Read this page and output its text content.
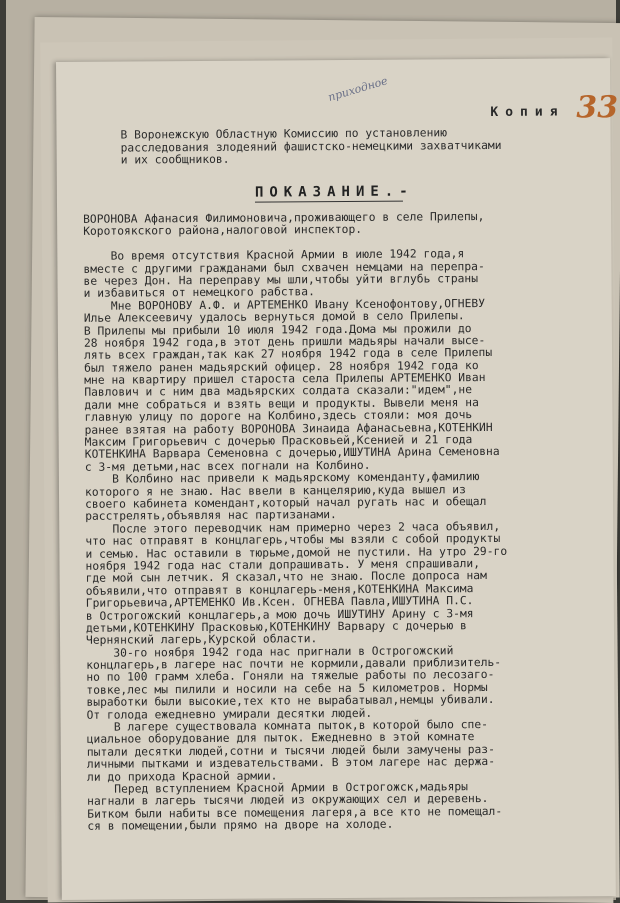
приходное
Копия 33
В Воронежскую Областную Комиссию по установлению
расследования злодеяний фашистско-немецкими захватчиками
и их сообщников.
ПОКАЗАНИЕ.-
ВОРОНОВА Афанасия Филимоновича,проживающего в селе Прилепы,
Коротоякского района,налоговой инспектор.
Во время отсутствия Красной Армии в июле 1942 года,я
вместе с другими гражданами был схвачен немцами на перепра-
ве через Дон. На переправу мы шли,чтобы уйти вглубь страны
и избавиться от немецкого рабства.
Мне ВОРОНОВУ А.Ф. и АРТЕМЕНКО Ивану Ксенофонтову,ОГНЕВУ
Илье Алексеевичу удалось вернуться домой в село Прилепы.
В Прилепы мы прибыли 10 июля 1942 года.Дома мы прожили до
28 ноября 1942 года,в этот день пришли мадьяры начали высе-
лять всех граждан,так как 27 ноября 1942 года в селе Прилепы
был тяжело ранен мадьярский офицер. 28 ноября 1942 года ко
мне на квартиру пришел староста села Прилепы АРТЕМЕНКО Иван
Павлович и с ним два мадьярских солдата сказали:"идем",не
дали мне собраться и взять вещи и продукты. Вывели меня на
главную улицу по дороге на Колбино,здесь стояли: моя дочь
ранее взятая на работу ВОРОНОВА Зинаида Афанасьевна,КОТЕНКИН
Максим Григорьевич с дочерью Прасковьей,Ксенией и 21 года
КОТЕНКИНА Варвара Семеновна с дочерью,ИШУТИНА Арина Семеновна
с 3-мя детьми,нас всех погнали на Колбино.
В Колбино нас привели к мадьярскому коменданту,фамилию
которого я не знаю. Нас ввели в канцелярию,куда вышел из
своего кабинета комендант,который начал ругать нас и обещал
расстрелять,объявляя нас партизанами.
После этого переводчик нам примерно через 2 часа объявил,
что нас отправят в концлагерь,чтобы мы взяли с собой продукты
и семью. Нас оставили в тюрьме,домой не пустили. На утро 29-го
ноября 1942 года нас стали допрашивать. У меня спрашивали,
где мой сын летчик. Я сказал,что не знаю. После допроса нам
объявили,что отправят в концлагерь-меня,КОТЕНКИНА Максима
Григорьевича,АРТЕМЕНКО Ив.Ксен. ОГНЕВА Павла,ИШУТИНА П.С.
в Острогожский концлагерь,а мою дочь ИШУТИНУ Арину с 3-мя
детьми,КОТЕНКИНУ Прасковью,КОТЕНКИНУ Варвару с дочерью в
Чернянский лагерь,Курской области.
30-го ноября 1942 года нас пригнали в Острогожский
концлагерь,в лагере нас почти не кормили,давали приблизитель-
но по 100 грамм хлеба. Гоняли на тяжелые работы по лесозаго-
товке,лес мы пилили и носили на себе на 5 километров. Нормы
выработки были высокие,тех кто не вырабатывал,немцы убивали.
От голода ежедневно умирали десятки людей.
В лагере существовала комната пыток,в которой было спе-
циальное оборудование для пыток. Ежедневно в этой комнате
пытали десятки людей,сотни и тысячи людей были замучены раз-
личными пытками и издевательствами. В этом лагере нас держа-
ли до прихода Красной армии.
Перед вступлением Красной Армии в Острогожск,мадьяры
нагнали в лагерь тысячи людей из окружающих сел и деревень.
Битком были набиты все помещения лагеря,а все кто не помещал-
ся в помещении,были прямо на дворе на холоде.
